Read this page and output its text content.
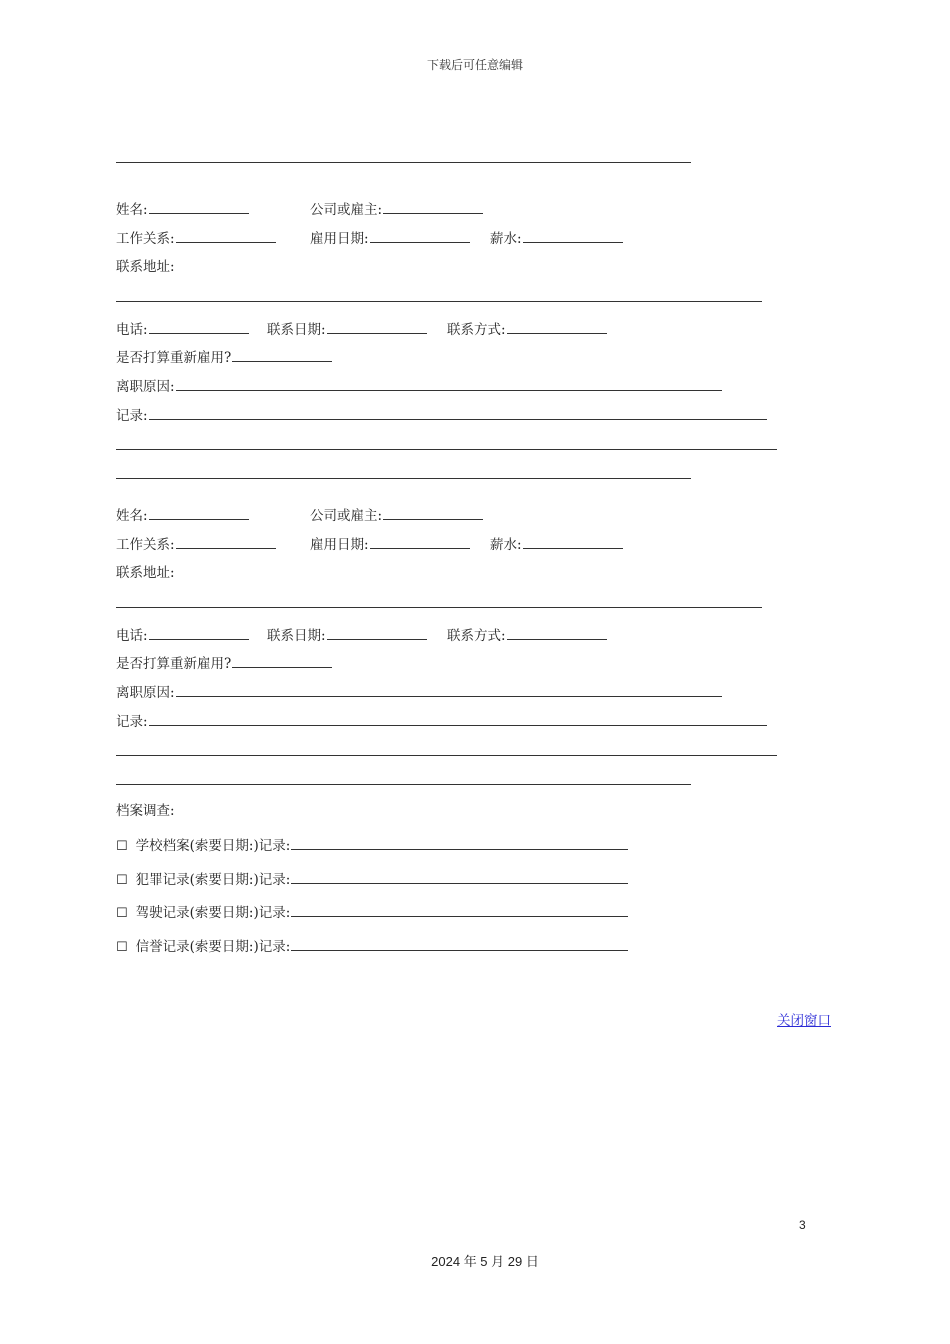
下载后可任意编辑
姓名:	公司或雇主:
工作关系:	雇用日期:	薪水:
联系地址:
电话:	联系日期:	联系方式:
是否打算重新雇用?
离职原因:
记录:
姓名:	公司或雇主:
工作关系:	雇用日期:	薪水:
联系地址:
电话:	联系日期:	联系方式:
是否打算重新雇用?
离职原因:
记录:
档案调查:
☐ 学校档案(索要日期:)记录:
☐ 犯罪记录(索要日期:)记录:
☐ 驾驶记录(索要日期:)记录:
☐ 信誉记录(索要日期:)记录:
关闭窗口
3
2024 年 5 月 29 日
